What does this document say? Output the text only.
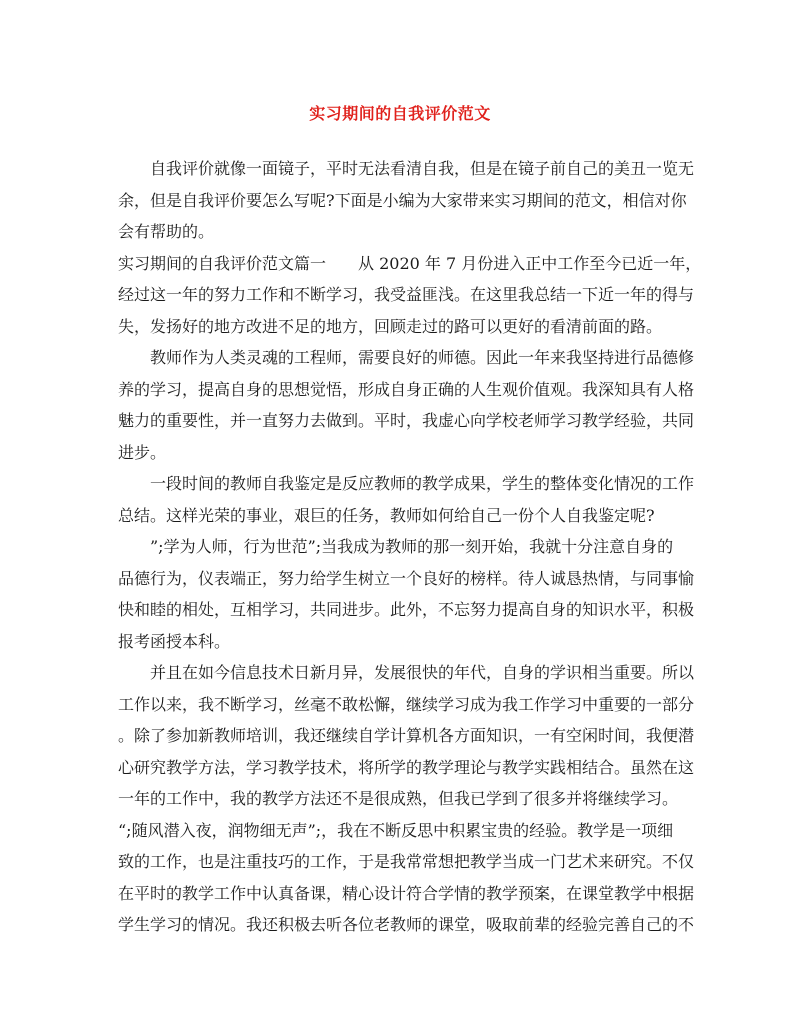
实习期间的自我评价范文
自我评价就像一面镜子，平时无法看清自我，但是在镜子前自己的美丑一览无
余，但是自我评价要怎么写呢?下面是小编为大家带来实习期间的范文，相信对你
会有帮助的。
实习期间的自我评价范文篇一　　从 2020 年 7 月份进入正中工作至今已近一年，
经过这一年的努力工作和不断学习，我受益匪浅。在这里我总结一下近一年的得与
失，发扬好的地方改进不足的地方，回顾走过的路可以更好的看清前面的路。
教师作为人类灵魂的工程师，需要良好的师德。因此一年来我坚持进行品德修
养的学习，提高自身的思想觉悟，形成自身正确的人生观价值观。我深知具有人格
魅力的重要性，并一直努力去做到。平时，我虚心向学校老师学习教学经验，共同
进步。
一段时间的教师自我鉴定是反应教师的教学成果，学生的整体变化情况的工作
总结。这样光荣的事业，艰巨的任务，教师如何给自己一份个人自我鉴定呢?
”;学为人师，行为世范”;当我成为教师的那一刻开始，我就十分注意自身的
品德行为，仪表端正，努力给学生树立一个良好的榜样。待人诚恳热情，与同事愉
快和睦的相处，互相学习，共同进步。此外，不忘努力提高自身的知识水平，积极
报考函授本科。
并且在如今信息技术日新月异，发展很快的年代，自身的学识相当重要。所以
工作以来，我不断学习，丝毫不敢松懈，继续学习成为我工作学习中重要的一部分
。除了参加新教师培训，我还继续自学计算机各方面知识，一有空闲时间，我便潜
心研究教学方法，学习教学技术，将所学的教学理论与教学实践相结合。虽然在这
一年的工作中，我的教学方法还不是很成熟，但我已学到了很多并将继续学习。
“;随风潜入夜，润物细无声”;，我在不断反思中积累宝贵的经验。教学是一项细
致的工作，也是注重技巧的工作，于是我常常想把教学当成一门艺术来研究。不仅
在平时的教学工作中认真备课，精心设计符合学情的教学预案，在课堂教学中根据
学生学习的情况。我还积极去听各位老教师的课堂，吸取前辈的经验完善自己的不
